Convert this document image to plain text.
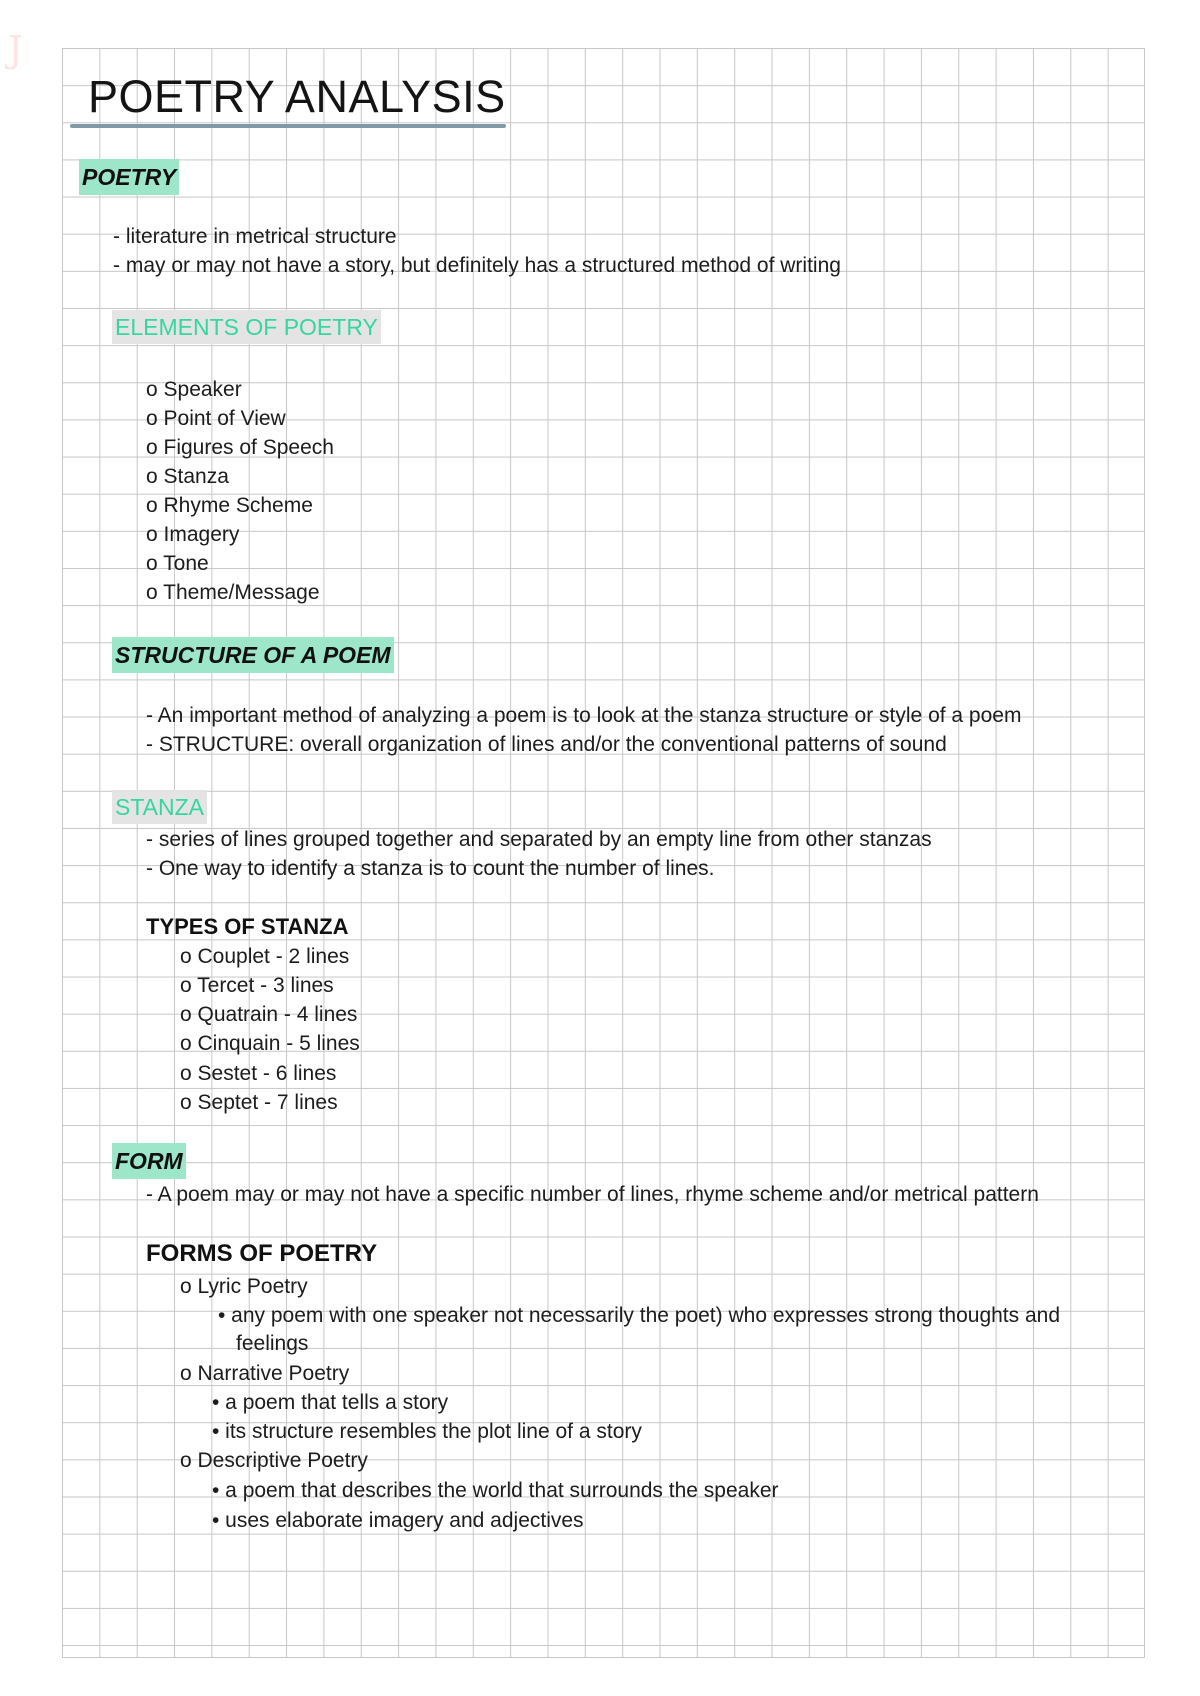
J
POETRY ANALYSIS
POETRY
- literature in metrical structure
- may or may not have a story, but definitely has a structured method of writing
ELEMENTS OF POETRY
o Speaker
o Point of View
o Figures of Speech
o Stanza
o Rhyme Scheme
o Imagery
o Tone
o Theme/Message
STRUCTURE OF A POEM
- An important method of analyzing a poem is to look at the stanza structure or style of a poem
- STRUCTURE: overall organization of lines and/or the conventional patterns of sound
STANZA
- series of lines grouped together and separated by an empty line from other stanzas
- One way to identify a stanza is to count the number of lines.
TYPES OF STANZA
o Couplet - 2 lines
o Tercet - 3 lines
o Quatrain - 4 lines
o Cinquain - 5 lines
o Sestet - 6 lines
o Septet - 7 lines
FORM
- A poem may or may not have a specific number of lines, rhyme scheme and/or metrical pattern
FORMS OF POETRY
o Lyric Poetry
• any poem with one speaker not necessarily the poet) who expresses strong thoughts and
feelings
o Narrative Poetry
• a poem that tells a story
• its structure resembles the plot line of a story
o Descriptive Poetry
• a poem that describes the world that surrounds the speaker
• uses elaborate imagery and adjectives
